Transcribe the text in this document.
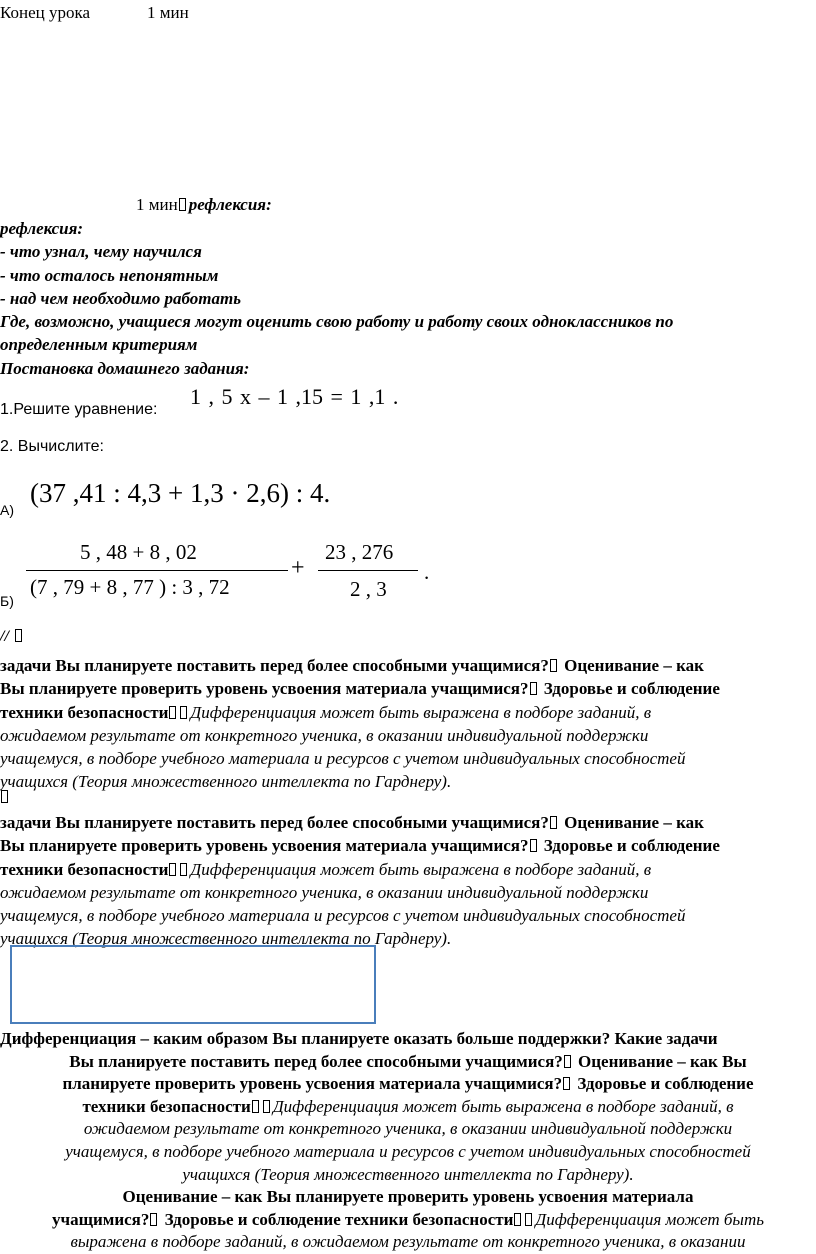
Конец урока	1 мин
1 мин рефлексия:
рефлексия:
- что узнал, чему научился
- что осталось непонятным
- над чем необходимо работать
Где, возможно, учащиеся могут оценить свою работу и работу своих одноклассников по
определенным критериям
Постановка домашнего задания:
1.Решите уравнение:
1 , 5 x – 1 ,15 = 1 ,1 .
2. Вычислите:
А)
(37 ,41 : 4,3 + 1,3 · 2,6) : 4.
Б)
5 , 48 + 8 , 02
(7 , 79 + 8 , 77 ) : 3 , 72
+
23 , 276
2 , 3
.
//
задачи Вы планируете поставить перед более способными учащимися? Оценивание – как
Вы планируете проверить уровень усвоения материала учащимися? Здоровье и соблюдение
техники безопасности Дифференциация может быть выражена в подборе заданий, в
ожидаемом результате от конкретного ученика, в оказании индивидуальной поддержки
учащемуся, в подборе учебного материала и ресурсов с учетом индивидуальных способностей
учащихся (Теория множественного интеллекта по Гарднеру).
задачи Вы планируете поставить перед более способными учащимися? Оценивание – как
Вы планируете проверить уровень усвоения материала учащимися? Здоровье и соблюдение
техники безопасности Дифференциация может быть выражена в подборе заданий, в
ожидаемом результате от конкретного ученика, в оказании индивидуальной поддержки
учащемуся, в подборе учебного материала и ресурсов с учетом индивидуальных способностей
учащихся (Теория множественного интеллекта по Гарднеру).
Дифференциация – каким образом Вы планируете оказать больше поддержки? Какие задачи
Вы планируете поставить перед более способными учащимися? Оценивание – как Вы
планируете проверить уровень усвоения материала учащимися? Здоровье и соблюдение
техники безопасности Дифференциация может быть выражена в подборе заданий, в
ожидаемом результате от конкретного ученика, в оказании индивидуальной поддержки
учащемуся, в подборе учебного материала и ресурсов с учетом индивидуальных способностей
учащихся (Теория множественного интеллекта по Гарднеру).
Оценивание – как Вы планируете проверить уровень усвоения материала
учащимися? Здоровье и соблюдение техники безопасности Дифференциация может быть
выражена в подборе заданий, в ожидаемом результате от конкретного ученика, в оказании
